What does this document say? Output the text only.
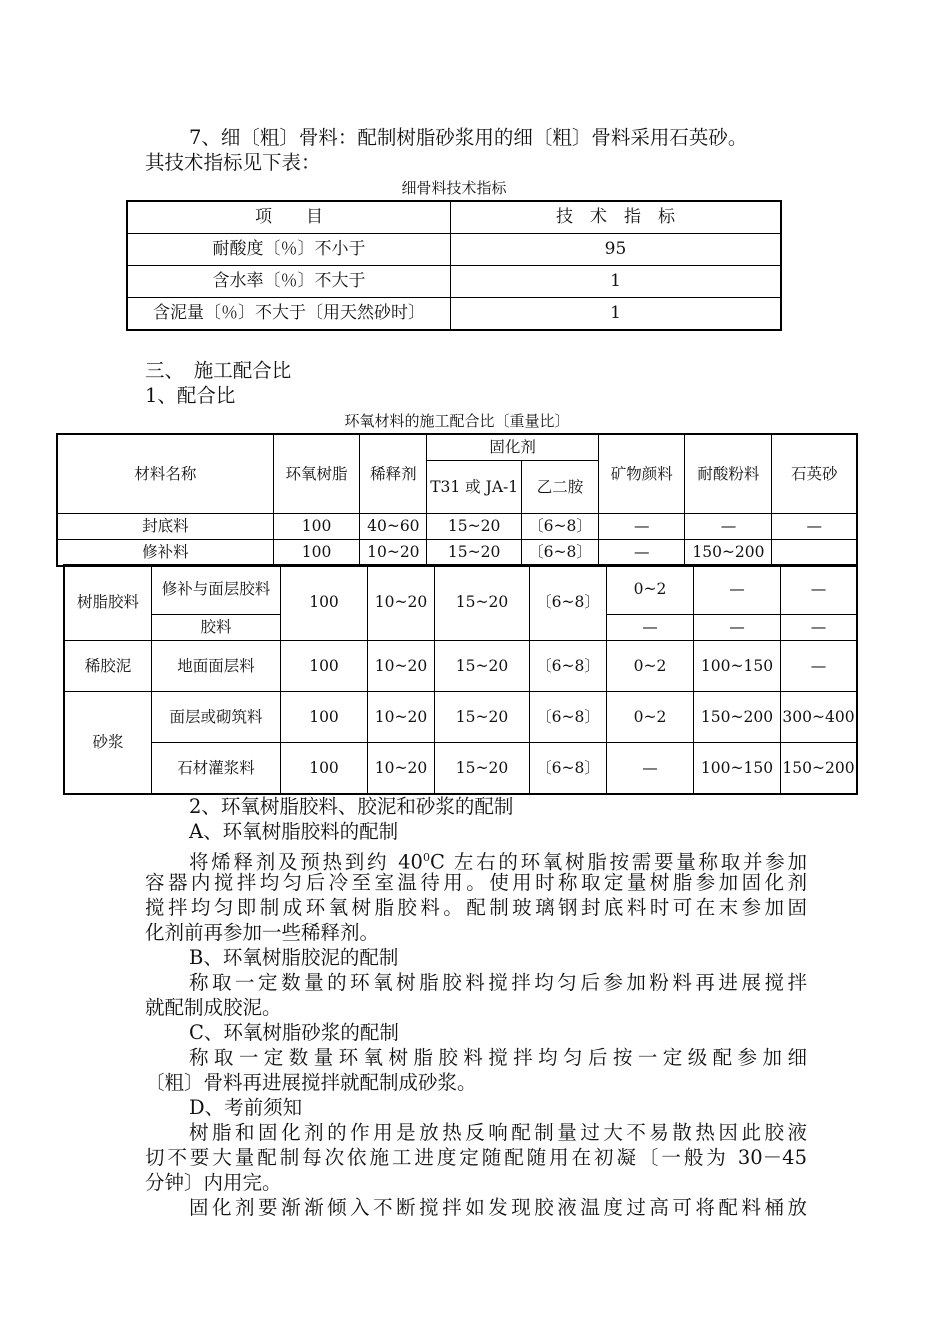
7、细〔粗〕骨料：配制树脂砂浆用的细〔粗〕骨料采用石英砂。

其技术指标见下表：

细骨料技术指标
项　　目	技　术　指　标
耐酸度〔％〕不小于	95
含水率〔％〕不大于	1
含泥量〔％〕不大于〔用天然砂时〕	1

三、　施工配合比

1、配合比

环氧材料的施工配合比〔重量比〕
材料名称	环氧树脂	稀释剂	固化剂		矿物颜料	耐酸粉料	石英砂
			T31 或 JA-1	乙二胺			
封底料	100	40~60	15~20	〔6~8〕	—	—	—
修补料	100	10~20	15~20	〔6~8〕	—	150~200	
树脂胶料	修补与面层胶料	100	10~20	15~20	〔6~8〕	0~2	—	—
	胶料					—	—	—
稀胶泥	地面面层料	100	10~20	15~20	〔6~8〕	0~2	100~150	—
砂浆	面层或砌筑料	100	10~20	15~20	〔6~8〕	0~2	150~200	300~400
	石材灌浆料	100	10~20	15~20	〔6~8〕	—	100~150	150~200

2、环氧树脂胶料、胶泥和砂浆的配制

A、环氧树脂胶料的配制

将烯释剂及预热到约 $40^0C$ 左右的环氧树脂按需要量称取并参加

容器内搅拌均匀后冷至室温待用。使用时称取定量树脂参加固化剂

搅拌均匀即制成环氧树脂胶料。配制玻璃钢封底料时可在末参加固

化剂前再参加一些稀释剂。

B、环氧树脂胶泥的配制

称取一定数量的环氧树脂胶料搅拌均匀后参加粉料再进展搅拌

就配制成胶泥。

C、环氧树脂砂浆的配制

称取一定数量环氧树脂胶料搅拌均匀后按一定级配参加细

〔粗〕骨料再进展搅拌就配制成砂浆。

D、考前须知

树脂和固化剂的作用是放热反响配制量过大不易散热因此胶液

切不要大量配制每次依施工进度定随配随用在初凝〔一般为 30－45

分钟〕内用完。

固化剂要渐渐倾入不断搅拌如发现胶液温度过高可将配料桶放
